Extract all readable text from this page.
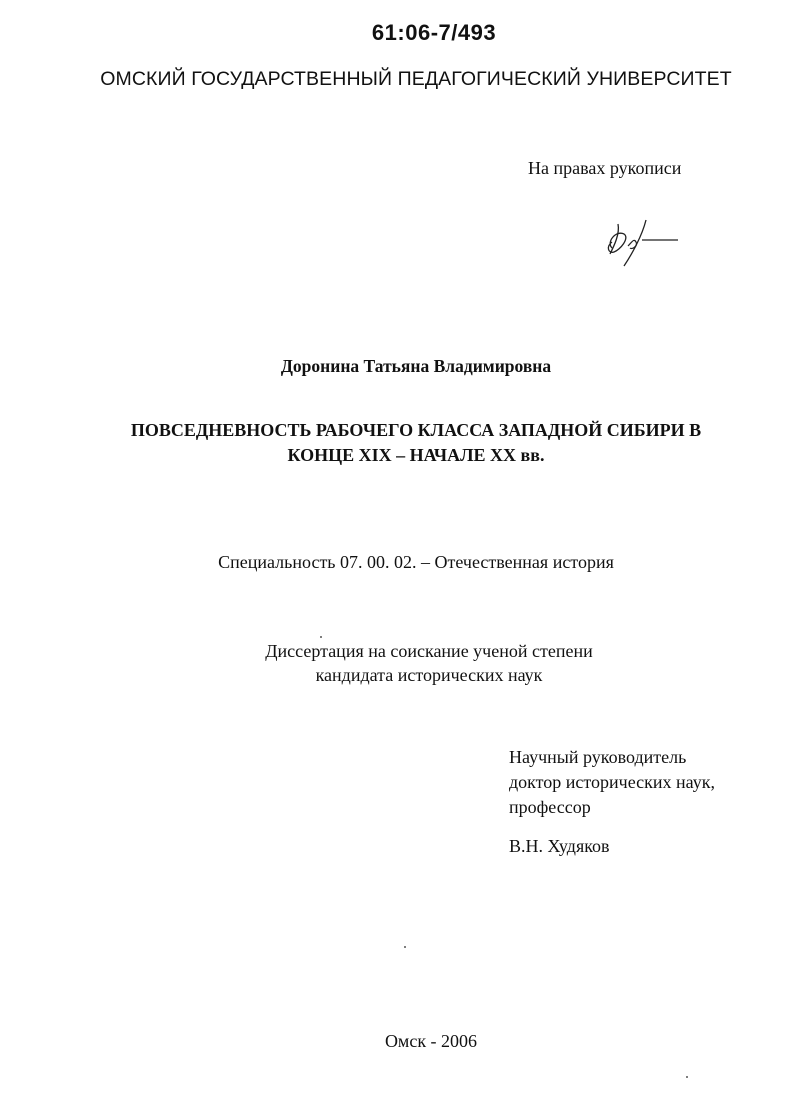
61:06-7/493
ОМСКИЙ ГОСУДАРСТВЕННЫЙ ПЕДАГОГИЧЕСКИЙ УНИВЕРСИТЕТ
На правах рукописи
Доронина Татьяна Владимировна
ПОВСЕДНЕВНОСТЬ РАБОЧЕГО КЛАССА ЗАПАДНОЙ СИБИРИ В
КОНЦЕ XIX – НАЧАЛЕ XX вв.
Специальность 07. 00. 02. – Отечественная история
Диссертация на соискание ученой степени
кандидата исторических наук
Научный руководитель
доктор исторических наук,
профессор
В.Н. Худяков
Омск - 2006
